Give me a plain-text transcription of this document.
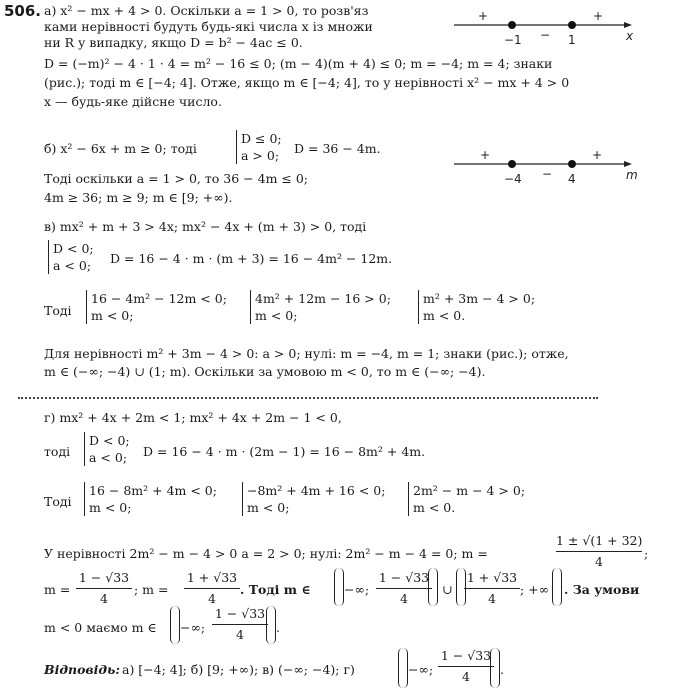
506. а) x² − mx + 4 > 0. Оскільки a = 1 > 0, то розв'яз
ками нерівності будуть будь-які числа x із множи
ни R у випадку, якщо D = b² − 4ac ≤ 0.
D = (−m)² − 4 · 1 · 4 = m² − 16 ≤ 0; (m − 4)(m + 4) ≤ 0; m = −4; m = 4; знаки
(рис.); тоді m ∈ [−4; 4]. Отже, якщо m ∈ [−4; 4], то у нерівності x² − mx + 4 > 0
x — будь-яке дійсне число.
+
−
+
−1	1	x
б) x² − 6x + m ≥ 0; тоді
D ≤ 0;
a > 0; D = 36 − 4m.
Тоді оскільки a = 1 > 0, то 36 − 4m ≤ 0;
4m ≥ 36; m ≥ 9; m ∈ [9; +∞).
+
−
+
−4	4	m
в) mx² + m + 3 > 4x; mx² − 4x + (m + 3) > 0, тоді
D < 0;
a < 0; D = 16 − 4 · m · (m + 3) = 16 − 4m² − 12m.
Тоді
16 − 4m² − 12m < 0;
m < 0;
4m² + 12m − 16 > 0;
m < 0;
m² + 3m − 4 > 0;
m < 0.
Для нерівності m² + 3m − 4 > 0: a > 0; нулі: m = −4, m = 1; знаки (рис.); отже,
m ∈ (−∞; −4) ∪ (1; m). Оскільки за умовою m < 0, то m ∈ (−∞; −4).
г) mx² + 4x + 2m < 1; mx² + 4x + 2m − 1 < 0,
тоді
D < 0;
a < 0; D = 16 − 4 · m · (2m − 1) = 16 − 8m² + 4m.
Тоді
16 − 8m² + 4m < 0;
m < 0;
−8m² + 4m + 16 < 0;
m < 0;
2m² − m − 4 > 0;
m < 0.
У нерівності 2m² − m − 4 > 0 a = 2 > 0; нулі: 2m² − m − 4 = 0; m =
1 ± √(1 + 32)
4
;
m =
1 − √33
4
; m =
1 + √33
4
. Тоді m ∈	−∞;
1 − √33
4
∪
1 + √33
4
; +∞ . За умови
m < 0 маємо m ∈ −∞;
1 − √33
4	.
Відповідь: а) [−4; 4]; б) [9; +∞); в) (−∞; −4); г)	−∞;
1 − √33
4	.
